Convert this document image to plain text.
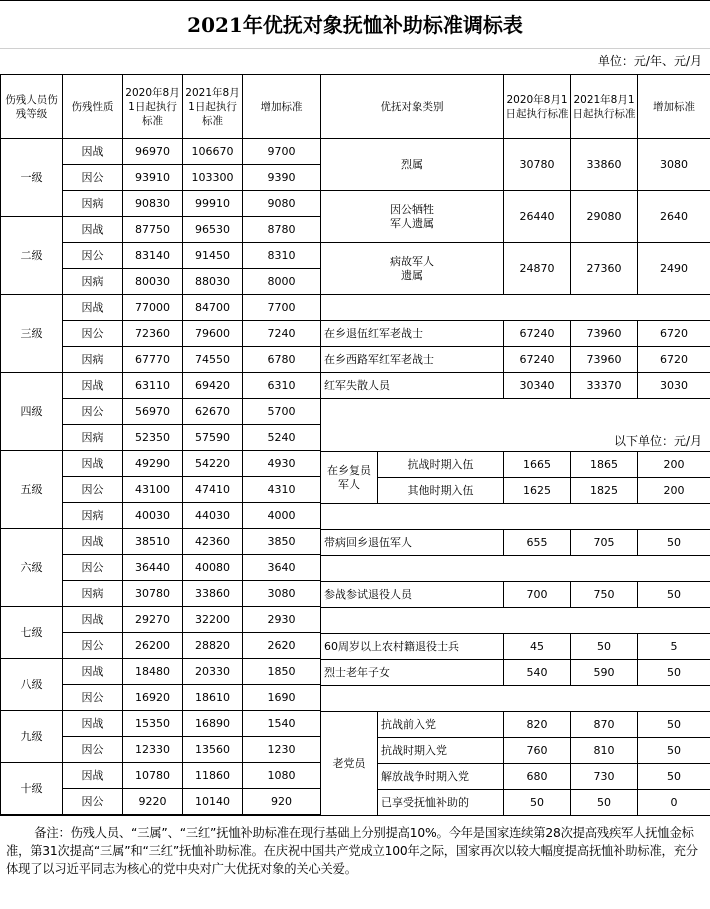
2021年优抚对象抚恤补助标准调标表
单位：元/年、元/月
以下单位：元/月
伤残人员伤残等级	伤残性质	2020年8月1日起执行标准	2021年8月1日起执行标准	增加标准
一级	因战	96970	106670	9700
	因公	93910	103300	9390
	因病	90830	99910	9080
二级	因战	87750	96530	8780
	因公	83140	91450	8310
	因病	80030	88030	8000
三级	因战	77000	84700	7700
	因公	72360	79600	7240
	因病	67770	74550	6780
四级	因战	63110	69420	6310
	因公	56970	62670	5700
	因病	52350	57590	5240
五级	因战	49290	54220	4930
	因公	43100	47410	4310
	因病	40030	44030	4000
六级	因战	38510	42360	3850
	因公	36440	40080	3640
	因病	30780	33860	3080
七级	因战	29270	32200	2930
	因公	26200	28820	2620
八级	因战	18480	20330	1850
	因公	16920	18610	1690
九级	因战	15350	16890	1540
	因公	12330	13560	1230
十级	因战	10780	11860	1080
	因公	9220	10140	920
优抚对象类别	2020年8月1日起执行标准	2021年8月1日起执行标准	增加标准
烈属	30780	33860	3080
因公牺牲军人遗属	26440	29080	2640
病故军人遗属	24870	27360	2490
在乡退伍红军老战士	67240	73960	6720
在乡西路军红军老战士	67240	73960	6720
红军失散人员	30340	33370	3030
在乡复员军人	抗战时期入伍	1665	1865	200
	其他时期入伍	1625	1825	200
带病回乡退伍军人	655	705	50
参战参试退役人员	700	750	50
60周岁以上农村籍退役士兵	45	50	5
烈士老年子女	540	590	50
老党员	抗战前入党	820	870	50
	抗战时期入党	760	810	50
	解放战争时期入党	680	730	50
	已享受抚恤补助的	50	50	0
备注：伤残人员、“三属”、“三红”抚恤补助标准在现行基础上分别提高10%。今年是国家连续第28次提高残疾军人抚恤金标准，第31次提高“三属”和“三红”抚恤补助标准。在庆祝中国共产党成立100年之际，国家再次以较大幅度提高抚恤补助标准，充分体现了以习近平同志为核心的党中央对广大优抚对象的关心关爱。
